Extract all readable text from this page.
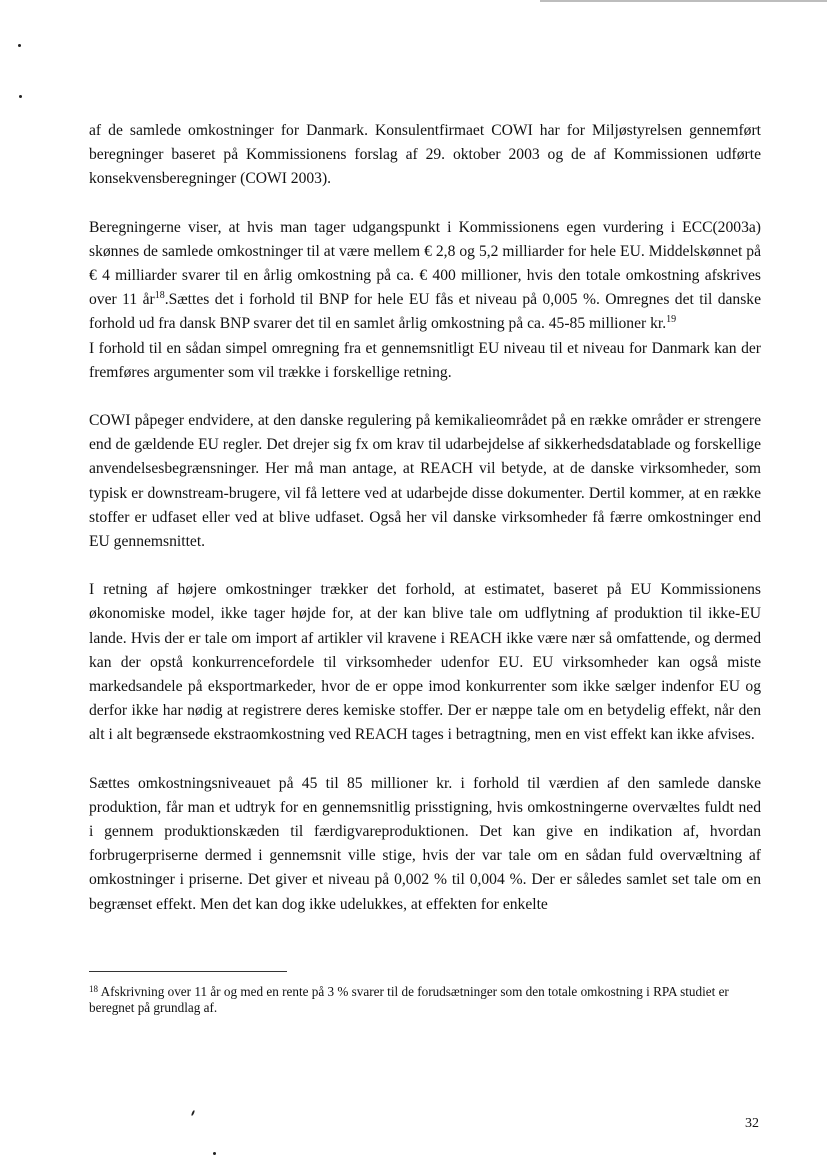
af de samlede omkostninger for Danmark. Konsulentfirmaet COWI har for Miljøstyrelsen gennemført beregninger baseret på Kommissionens forslag af 29. oktober 2003 og de af Kommissionen udførte konsekvensberegninger (COWI 2003).

Beregningerne viser, at hvis man tager udgangspunkt i Kommissionens egen vurdering i ECC(2003a) skønnes de samlede omkostninger til at være mellem € 2,8 og 5,2 milliarder for hele EU. Middelskønnet på € 4 milliarder svarer til en årlig omkostning på ca. € 400 millioner, hvis den totale omkostning afskrives over 11 $år^{18}.Sættes$ det i forhold til BNP for hele EU fås et niveau på 0,005 %. Omregnes det til danske forhold ud fra dansk BNP svarer det til en samlet årlig omkostning på ca. 45-85 millioner kr.$^{19}$

I forhold til en sådan simpel omregning fra et gennemsnitligt EU niveau til et niveau for Danmark kan der fremføres argumenter som vil trække i forskellige retning.

COWI påpeger endvidere, at den danske regulering på kemikalieområdet på en række områder er strengere end de gældende EU regler. Det drejer sig fx om krav til udarbejdelse af sikkerhedsdatablade og forskellige anvendelsesbegrænsninger. Her må man antage, at REACH vil betyde, at de danske virksomheder, som typisk er downstream-brugere, vil få lettere ved at udarbejde disse dokumenter. Dertil kommer, at en række stoffer er udfaset eller ved at blive udfaset. Også her vil danske virksomheder få færre omkostninger end EU gennemsnittet.

I retning af højere omkostninger trækker det forhold, at estimatet, baseret på EU Kommissionens økonomiske model, ikke tager højde for, at der kan blive tale om udflytning af produktion til ikke-EU lande. Hvis der er tale om import af artikler vil kravene i REACH ikke være nær så omfattende, og dermed kan der opstå konkurrencefordele til virksomheder udenfor EU. EU virksomheder kan også miste markedsandele på eksportmarkeder, hvor de er oppe imod konkurrenter som ikke sælger indenfor EU og derfor ikke har nødig at registrere deres kemiske stoffer. Der er næppe tale om en betydelig effekt, når den alt i alt begrænsede ekstraomkostning ved REACH tages i betragtning, men en vist effekt kan ikke afvises.

Sættes omkostningsniveauet på 45 til 85 millioner kr. i forhold til værdien af den samlede danske produktion, får man et udtryk for en gennemsnitlig prisstigning, hvis omkostningerne overvæltes fuldt ned i gennem produktionskæden til færdigvareproduktionen. Det kan give en indikation af, hvordan forbrugerpriserne dermed i gennemsnit ville stige, hvis der var tale om en sådan fuld overvæltning af omkostninger i priserne. Det giver et niveau på 0,002 % til 0,004 %. Der er således samlet set tale om en begrænset effekt. Men det kan dog ikke udelukkes, at effekten for enkelte

$^{18}$ Afskrivning over 11 år og med en rente på 3 % svarer til de forudsætninger som den totale omkostning i RPA studiet er beregnet på grundlag af.

32
